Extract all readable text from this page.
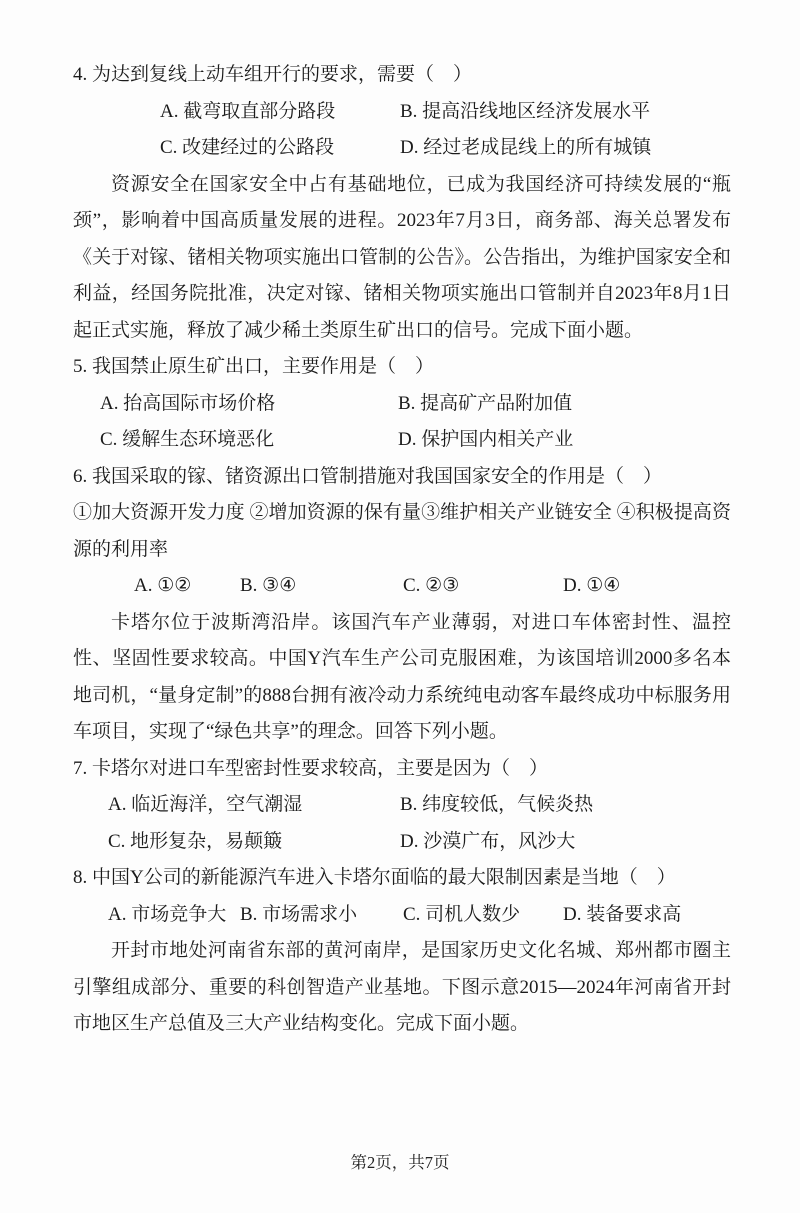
4. 为达到复线上动车组开行的要求，需要（　）
A. 截弯取直部分路段	B. 提高沿线地区经济发展水平
C. 改建经过的公路段	D. 经过老成昆线上的所有城镇
资源安全在国家安全中占有基础地位，已成为我国经济可持续发展的“瓶颈”，影响着中国高质量发展的进程。2023年7月3日，商务部、海关总署发布《关于对镓、锗相关物项实施出口管制的公告》。公告指出，为维护国家安全和利益，经国务院批准，决定对镓、锗相关物项实施出口管制并自2023年8月1日起正式实施，释放了减少稀土类原生矿出口的信号。完成下面小题。
5. 我国禁止原生矿出口，主要作用是（　）
A. 抬高国际市场价格	B. 提高矿产品附加值
C. 缓解生态环境恶化	D. 保护国内相关产业
6. 我国采取的镓、锗资源出口管制措施对我国国家安全的作用是（　）
①加大资源开发力度 ②增加资源的保有量③维护相关产业链安全 ④积极提高资源的利用率
A. ①②	B. ③④	C. ②③	D. ①④
卡塔尔位于波斯湾沿岸。该国汽车产业薄弱，对进口车体密封性、温控性、坚固性要求较高。中国Y汽车生产公司克服困难，为该国培训2000多名本地司机，“量身定制”的888台拥有液冷动力系统纯电动客车最终成功中标服务用车项目，实现了“绿色共享”的理念。回答下列小题。
7. 卡塔尔对进口车型密封性要求较高，主要是因为（　）
A. 临近海洋，空气潮湿	B. 纬度较低，气候炎热
C. 地形复杂，易颠簸	D. 沙漠广布，风沙大
8. 中国Y公司的新能源汽车进入卡塔尔面临的最大限制因素是当地（　）
A. 市场竞争大 B. 市场需求小 C. 司机人数少 D. 装备要求高
开封市地处河南省东部的黄河南岸，是国家历史文化名城、郑州都市圈主引擎组成部分、重要的科创智造产业基地。下图示意2015—2024年河南省开封市地区生产总值及三大产业结构变化。完成下面小题。
第2页，共7页
